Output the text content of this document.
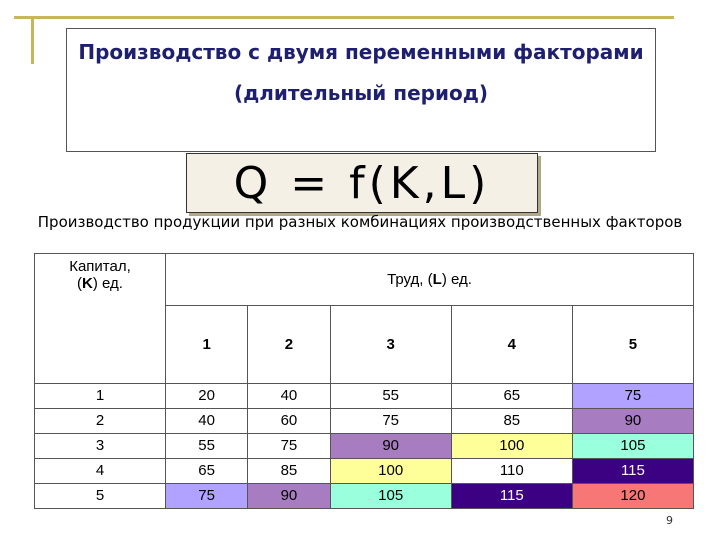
Производство с двумя переменными факторами
(длительный период)
Q = f(K,L)
Производство продукции при разных комбинациях производственных факторов
Капитал,
(K) ед.	Труд, (L) ед.				
	1	2	3	4	5
1	20	40	55	65	75
2	40	60	75	85	90
3	55	75	90	100	105
4	65	85	100	110	115
5	75	90	105	115	120
9
